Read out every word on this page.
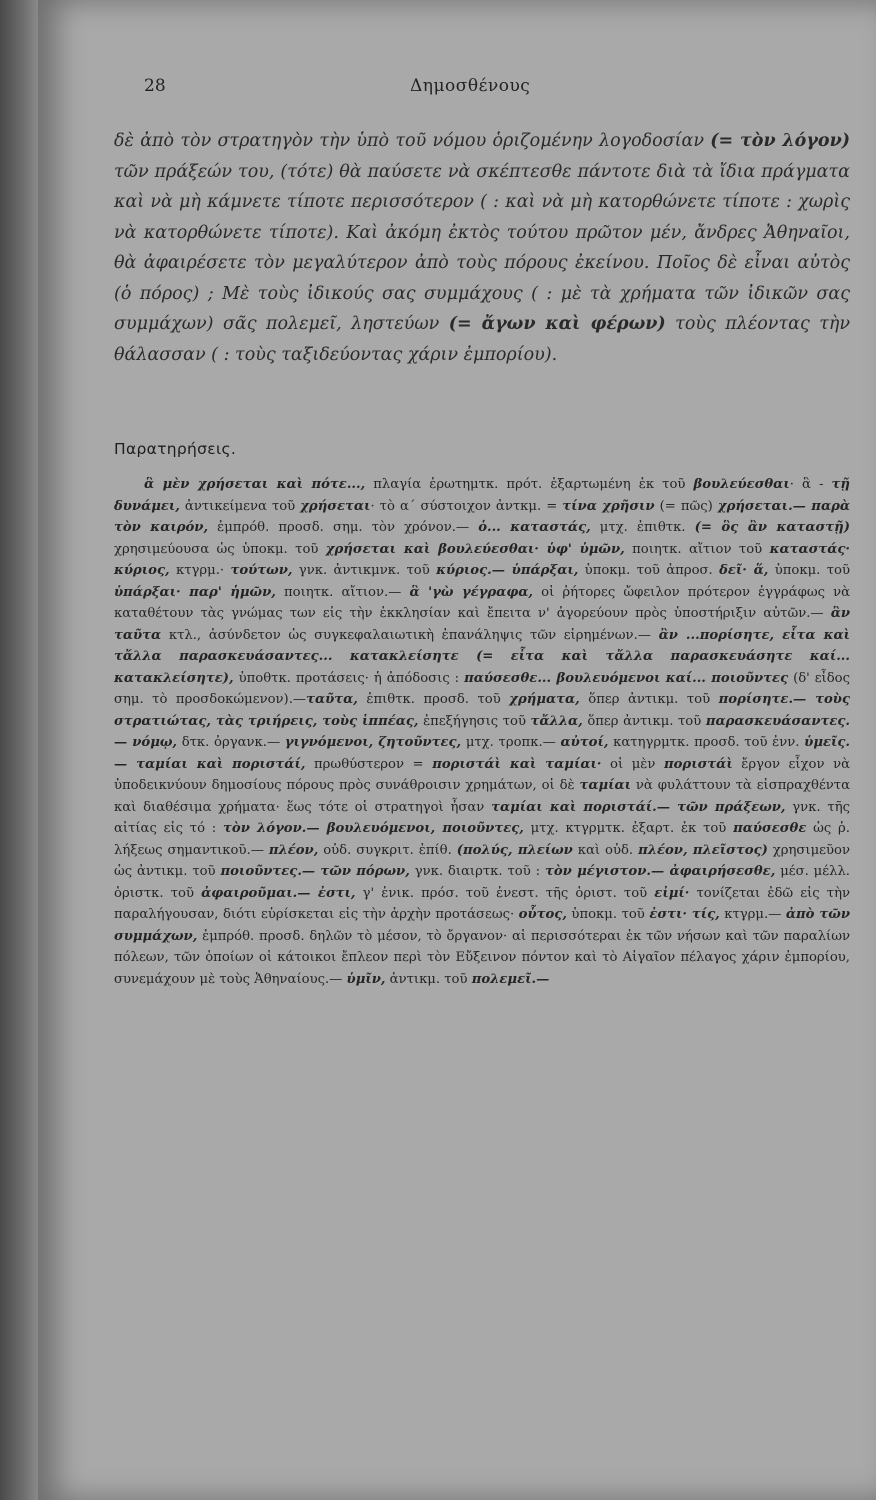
28	Δημοσθένους

δὲ ἀπὸ τὸν στρατηγὸν τὴν ὑπὸ τοῦ νόμου ὁριζομένην λογοδοσίαν (= τὸν λόγον) τῶν πράξεών του, (τότε) θὰ παύσετε νὰ σκέπτεσθε πάντοτε διὰ τὰ ἴδια πράγματα καὶ νὰ μὴ κάμνετε τίποτε περισσότερον ( : καὶ νὰ μὴ κατορθώνετε τίποτε : χωρὶς νὰ κατορθώνετε τίποτε). Καὶ ἀκόμη ἐκτὸς τούτου πρῶτον μέν, ἄνδρες Ἀθηναῖοι, θὰ ἀφαιρέσετε τὸν μεγαλύτερον ἀπὸ τοὺς πόρους ἐκείνου. Ποῖος δὲ εἶναι αὐτὸς (ὁ πόρος) ; Μὲ τοὺς ἰδικούς σας συμμάχους ( : μὲ τὰ χρήματα τῶν ἰδικῶν σας συμμάχων) σᾶς πολεμεῖ, ληστεύων (= ἄγων καὶ φέρων) τοὺς πλέοντας τὴν θάλασσαν ( : τοὺς ταξιδεύοντας χάριν ἐμπορίου).

Παρατηρήσεις.

ἃ μὲν χρήσεται καὶ πότε..., πλαγία ἐρωτημτκ. πρότ. ἐξαρτωμένη ἐκ τοῦ βουλεύεσθαι· ἃ - τῇ δυνάμει, ἀντικείμενα τοῦ χρήσεται· τὸ α΄ σύστοιχον ἀντκμ. = τίνα χρῆσιν (= πῶς) χρήσεται.— παρὰ τὸν καιρόν, ἐμπρόθ. προσδ. σημ. τὸν χρόνον.— ὁ... καταστάς, μτχ. ἐπιθτκ. (= ὃς ἂν καταστῇ) χρησιμεύουσα ὡς ὑποκμ. τοῦ χρήσεται καὶ βουλεύεσθαι· ὑφ' ὑμῶν, ποιητκ. αἴτιον τοῦ καταστάς· κύριος, κτγρμ.· τούτων, γνκ. ἀντικμνκ. τοῦ κύριος.— ὑπάρξαι, ὑποκμ. τοῦ ἀπροσ. δεῖ· ἅ, ὑποκμ. τοῦ ὑπάρξαι· παρ' ἡμῶν, ποιητκ. αἴτιον.— ἃ 'γὼ γέγραφα, οἱ ῥήτορες ὤφειλον πρότερον ἐγγράφως νὰ καταθέτουν τὰς γνώμας των εἰς τὴν ἐκκλησίαν καὶ ἔπειτα ν' ἀγορεύουν πρὸς ὑποστήριξιν αὐτῶν.— ἂν ταῦτα κτλ., ἀσύνδετον ὡς συγκεφαλαιωτικὴ ἐπανάληψις τῶν εἰρημένων.— ἂν ...πορίσητε, εἶτα καὶ τἄλλα παρασκευάσαντες... κατακλείσητε (= εἶτα καὶ τἄλλα παρασκευάσητε καί... κατακλείσητε), ὑποθτκ. προτάσεις· ἡ ἀπόδοσις : παύσεσθε... βουλευόμενοι καί... ποιοῦντες (δ' εἶδος σημ. τὸ προσδοκώμενον).—ταῦτα, ἐπιθτκ. προσδ. τοῦ χρήματα, ὅπερ ἀντικμ. τοῦ πορίσητε.— τοὺς στρατιώτας, τὰς τριήρεις, τοὺς ἱππέας, ἐπεξήγησις τοῦ τἄλλα, ὅπερ ἀντικμ. τοῦ παρασκευάσαντες.— νόμῳ, δτκ. ὀργανκ.— γιγνόμενοι, ζητοῦντες, μτχ. τροπκ.— αὐτοί, κατηγρμτκ. προσδ. τοῦ ἐνν. ὑμεῖς.— ταμίαι καὶ ποριστάί, πρωθύστερον = ποριστάὶ καὶ ταμίαι· οἱ μὲν ποριστάὶ ἔργον εἶχον νὰ ὑποδεικνύουν δημοσίους πόρους πρὸς συνάθροισιν χρημάτων, οἱ δὲ ταμίαι νὰ φυλάττουν τὰ εἰσπραχθέντα καὶ διαθέσιμα χρήματα· ἕως τότε οἱ στρατηγοὶ ἦσαν ταμίαι καὶ ποριστάί.— τῶν πράξεων, γνκ. τῆς αἰτίας εἰς τό : τὸν λόγον.— βουλευόμενοι, ποιοῦντες, μτχ. κτγρμτκ. ἐξαρτ. ἐκ τοῦ παύσεσθε ὡς ῥ. λήξεως σημαντικοῦ.— πλέον, οὐδ. συγκριτ. ἐπίθ. (πολύς, πλείων καὶ οὐδ. πλέον, πλεῖστος) χρησιμεῦον ὡς ἀντικμ. τοῦ ποιοῦντες.— τῶν πόρων, γνκ. διαιρτκ. τοῦ : τὸν μέγιστον.— ἀφαιρήσεσθε, μέσ. μέλλ. ὁριστκ. τοῦ ἀφαιροῦμαι.— ἐστι, γ' ἑνικ. πρόσ. τοῦ ἐνεστ. τῆς ὁριστ. τοῦ εἰμί· τονίζεται ἐδῶ εἰς τὴν παραλήγουσαν, διότι εὑρίσκεται εἰς τὴν ἀρχὴν προτάσεως· οὗτος, ὑποκμ. τοῦ ἐστι· τίς, κτγρμ.— ἀπὸ τῶν συμμάχων, ἐμπρόθ. προσδ. δηλῶν τὸ μέσον, τὸ ὄργανον· αἱ περισσότεραι ἐκ τῶν νήσων καὶ τῶν παραλίων πόλεων, τῶν ὁποίων οἱ κάτοικοι ἔπλεον περὶ τὸν Εὔξεινον πόντον καὶ τὸ Αἰγαῖον πέλαγος χάριν ἐμπορίου, συνεμάχουν μὲ τοὺς Ἀθηναίους.— ὑμῖν, ἀντικμ. τοῦ πολεμεῖ.—
